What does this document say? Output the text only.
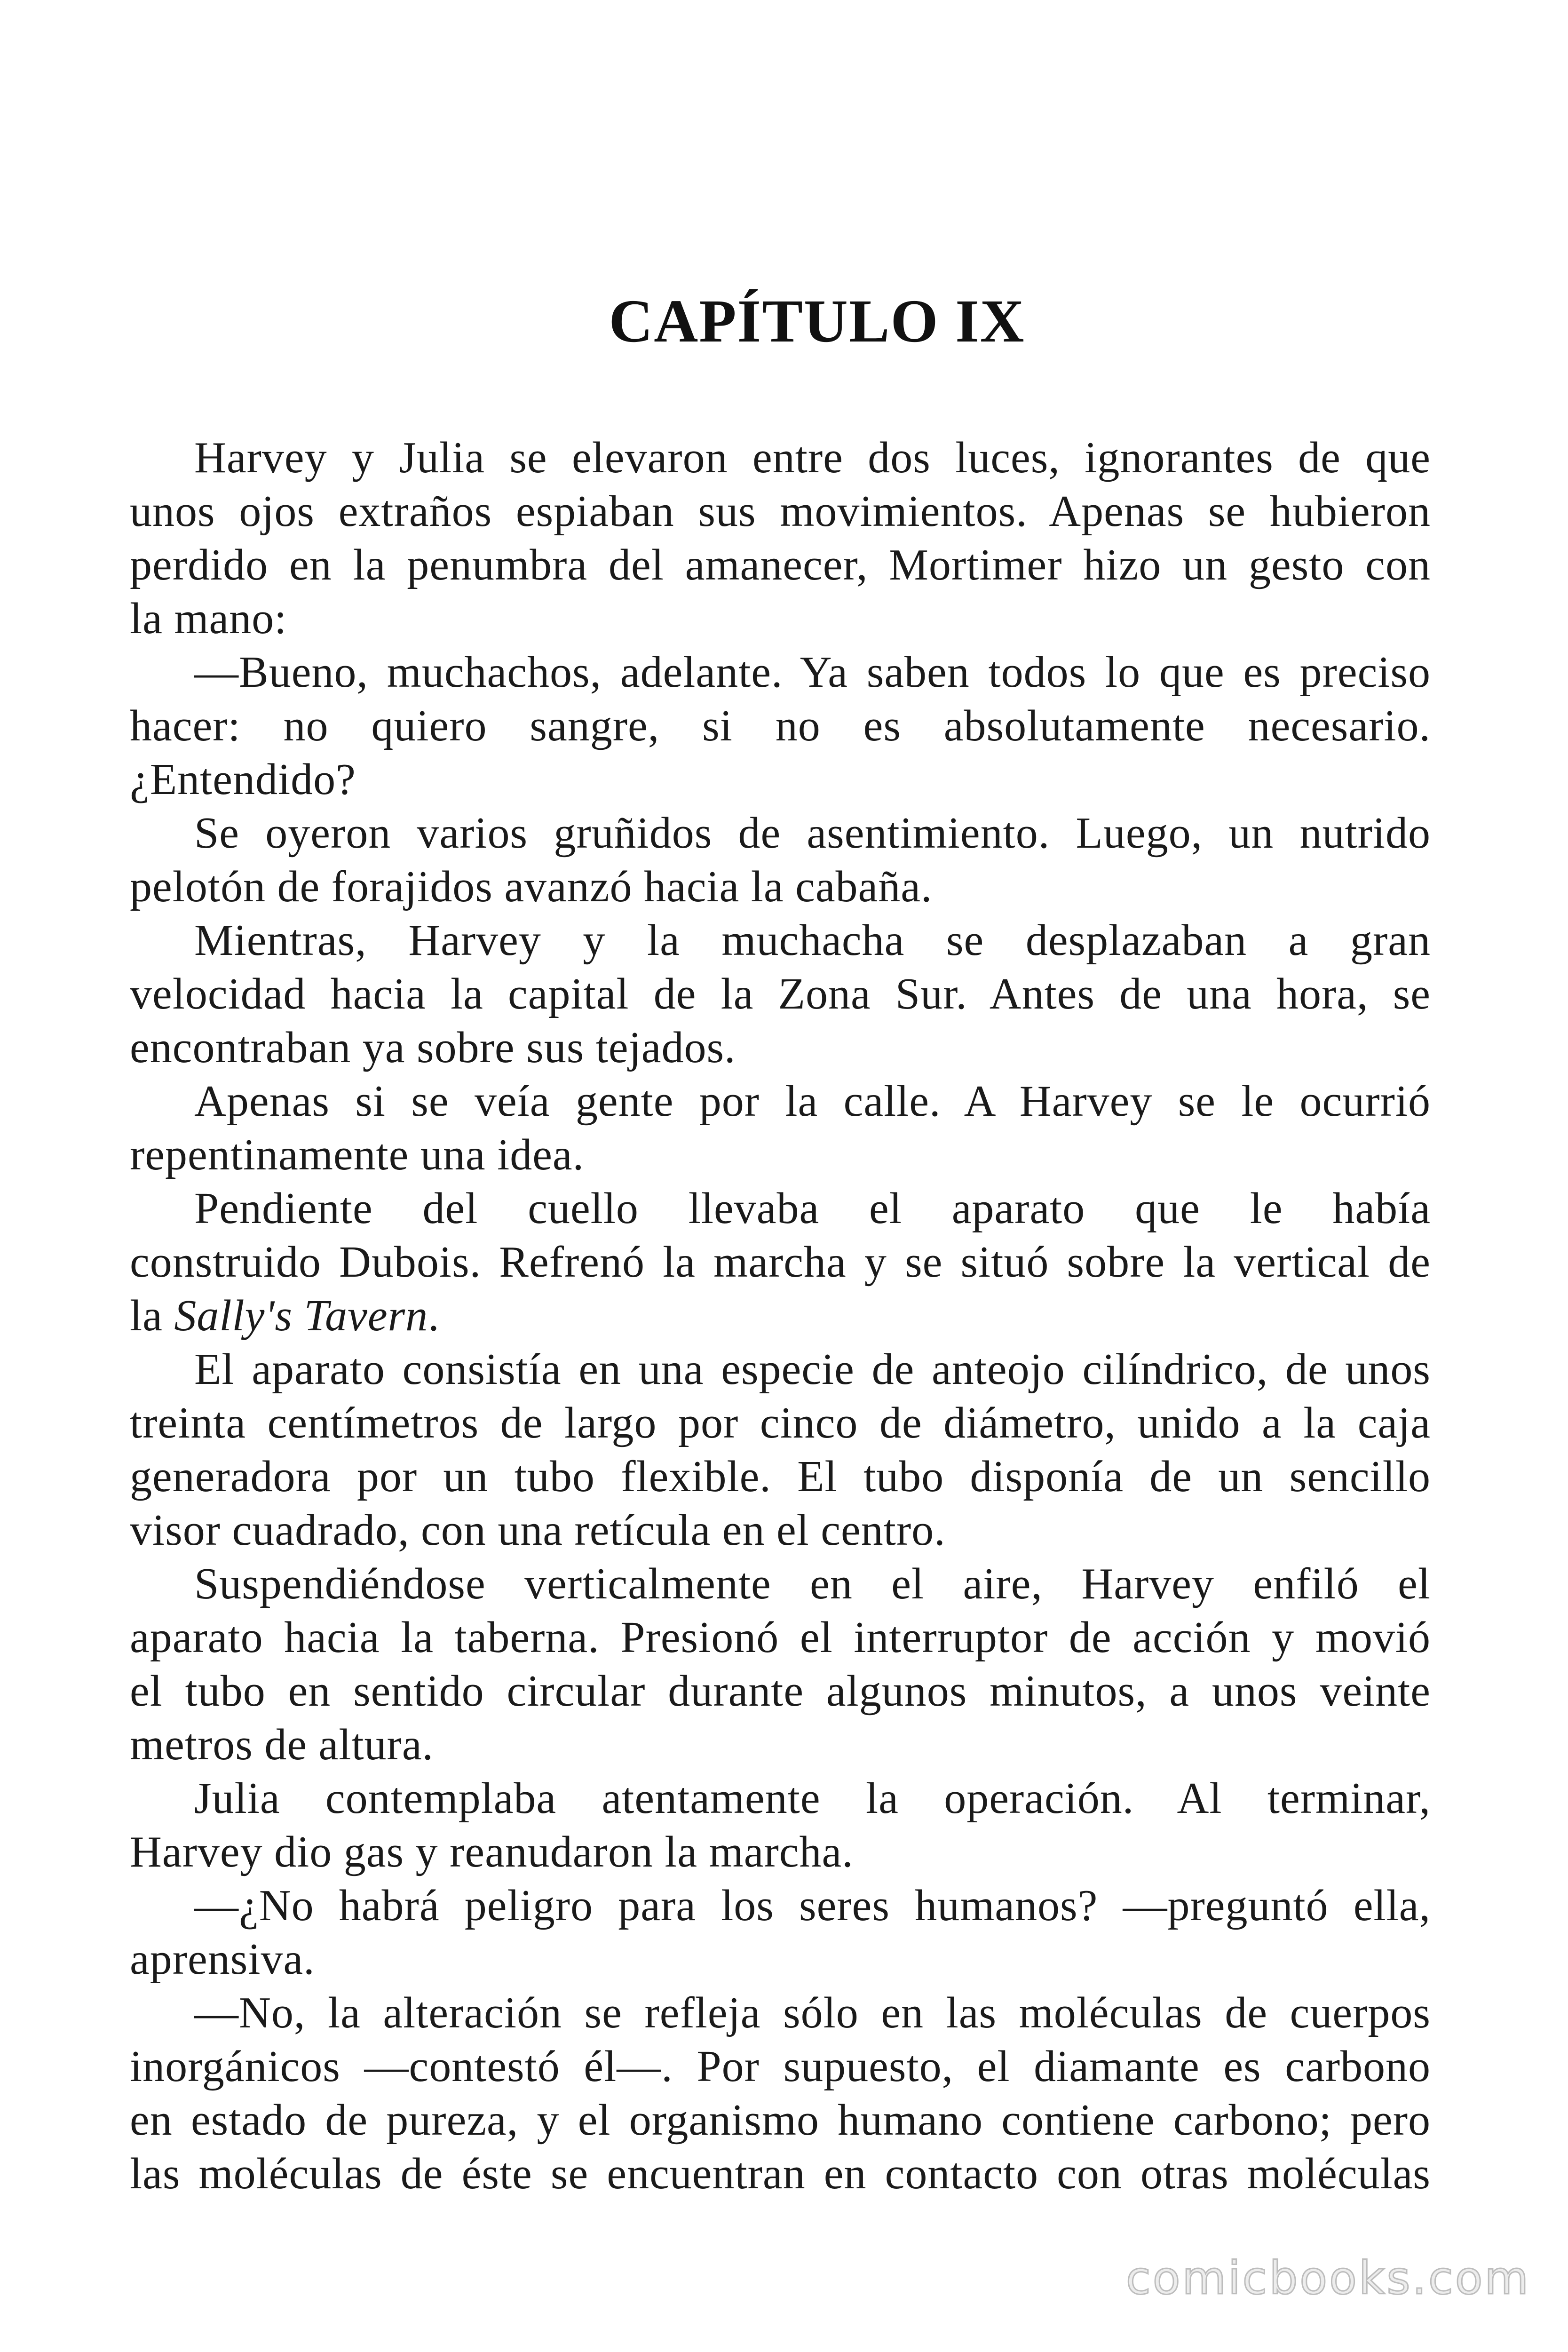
CAPÍTULO IX
Harvey y Julia se elevaron entre dos luces, ignorantes de que
unos ojos extraños espiaban sus movimientos. Apenas se hubieron
perdido en la penumbra del amanecer, Mortimer hizo un gesto con
la mano:
—Bueno, muchachos, adelante. Ya saben todos lo que es preciso
hacer: no quiero sangre, si no es absolutamente necesario.
¿Entendido?
Se oyeron varios gruñidos de asentimiento. Luego, un nutrido
pelotón de forajidos avanzó hacia la cabaña.
Mientras, Harvey y la muchacha se desplazaban a gran
velocidad hacia la capital de la Zona Sur. Antes de una hora, se
encontraban ya sobre sus tejados.
Apenas si se veía gente por la calle. A Harvey se le ocurrió
repentinamente una idea.
Pendiente del cuello llevaba el aparato que le había
construido Dubois. Refrenó la marcha y se situó sobre la vertical de
la Sally's Tavern.
El aparato consistía en una especie de anteojo cilíndrico, de unos
treinta centímetros de largo por cinco de diámetro, unido a la caja
generadora por un tubo flexible. El tubo disponía de un sencillo
visor cuadrado, con una retícula en el centro.
Suspendiéndose verticalmente en el aire, Harvey enfiló el
aparato hacia la taberna. Presionó el interruptor de acción y movió
el tubo en sentido circular durante algunos minutos, a unos veinte
metros de altura.
Julia contemplaba atentamente la operación. Al terminar,
Harvey dio gas y reanudaron la marcha.
—¿No habrá peligro para los seres humanos? —preguntó ella,
aprensiva.
—No, la alteración se refleja sólo en las moléculas de cuerpos
inorgánicos —contestó él—. Por supuesto, el diamante es carbono
en estado de pureza, y el organismo humano contiene carbono; pero
las moléculas de éste se encuentran en contacto con otras moléculas
comicbooks.com
